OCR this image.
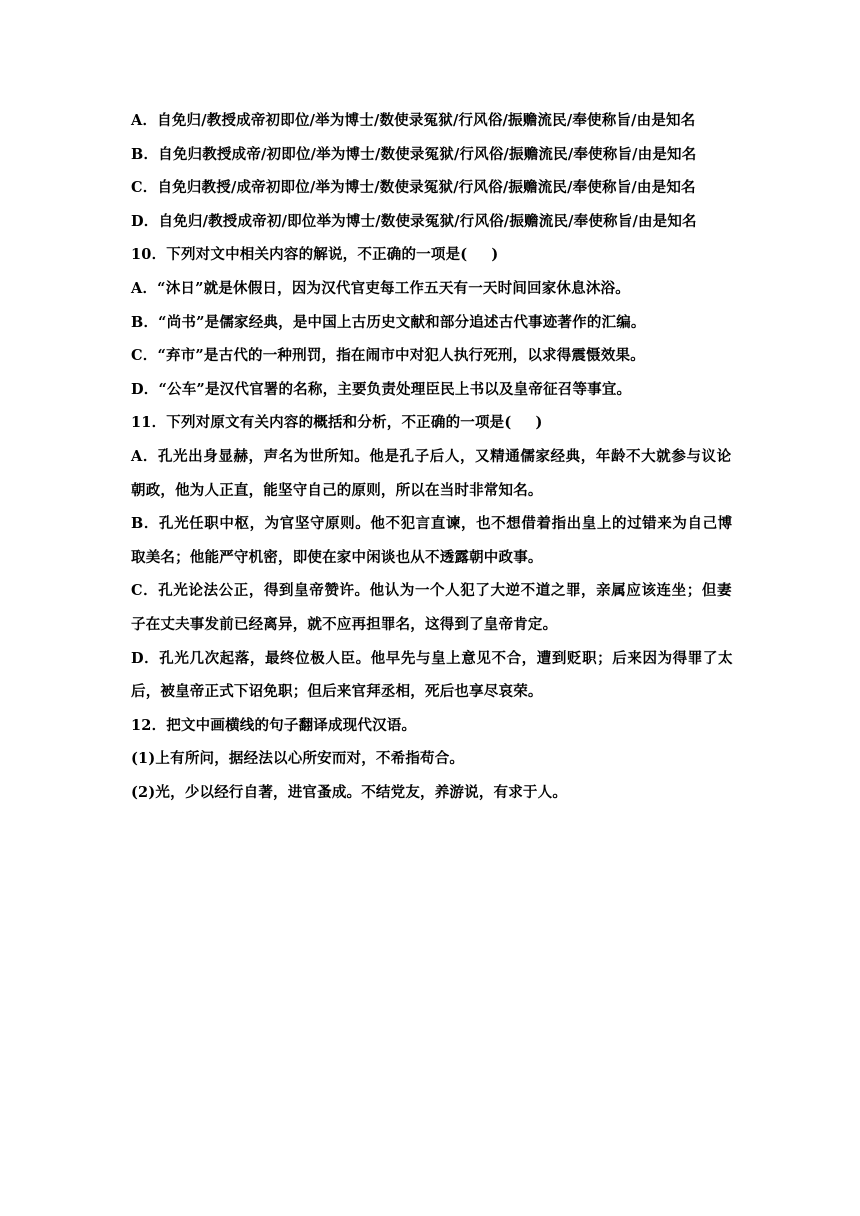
A．自免归/教授成帝初即位/举为博士/数使录冤狱/行风俗/振赡流民/奉使称旨/由是知名
B．自免归教授成帝/初即位/举为博士/数使录冤狱/行风俗/振赡流民/奉使称旨/由是知名
C．自免归教授/成帝初即位/举为博士/数使录冤狱/行风俗/振赡流民/奉使称旨/由是知名
D．自免归/教授成帝初/即位举为博士/数使录冤狱/行风俗/振赡流民/奉使称旨/由是知名
10．下列对文中相关内容的解说，不正确的一项是( )
A．“沐日”就是休假日，因为汉代官吏每工作五天有一天时间回家休息沐浴。
B．“尚书”是儒家经典，是中国上古历史文献和部分追述古代事迹著作的汇编。
C．“弃市”是古代的一种刑罚，指在闹市中对犯人执行死刑，以求得震慑效果。
D．“公车”是汉代官署的名称，主要负责处理臣民上书以及皇帝征召等事宜。
11．下列对原文有关内容的概括和分析，不正确的一项是( )
A．孔光出身显赫，声名为世所知。他是孔子后人，又精通儒家经典，年龄不大就参与议论
朝政，他为人正直，能坚守自己的原则，所以在当时非常知名。
B．孔光任职中枢，为官坚守原则。他不犯言直谏，也不想借着指出皇上的过错来为自己博
取美名；他能严守机密，即使在家中闲谈也从不透露朝中政事。
C．孔光论法公正，得到皇帝赞许。他认为一个人犯了大逆不道之罪，亲属应该连坐；但妻
子在丈夫事发前已经离异，就不应再担罪名，这得到了皇帝肯定。
D．孔光几次起落，最终位极人臣。他早先与皇上意见不合，遭到贬职；后来因为得罪了太
后，被皇帝正式下诏免职；但后来官拜丞相，死后也享尽哀荣。
12．把文中画横线的句子翻译成现代汉语。
(1)上有所问，据经法以心所安而对，不希指苟合。
(2)光，少以经行自著，进官蚤成。不结党友，养游说，有求于人。
